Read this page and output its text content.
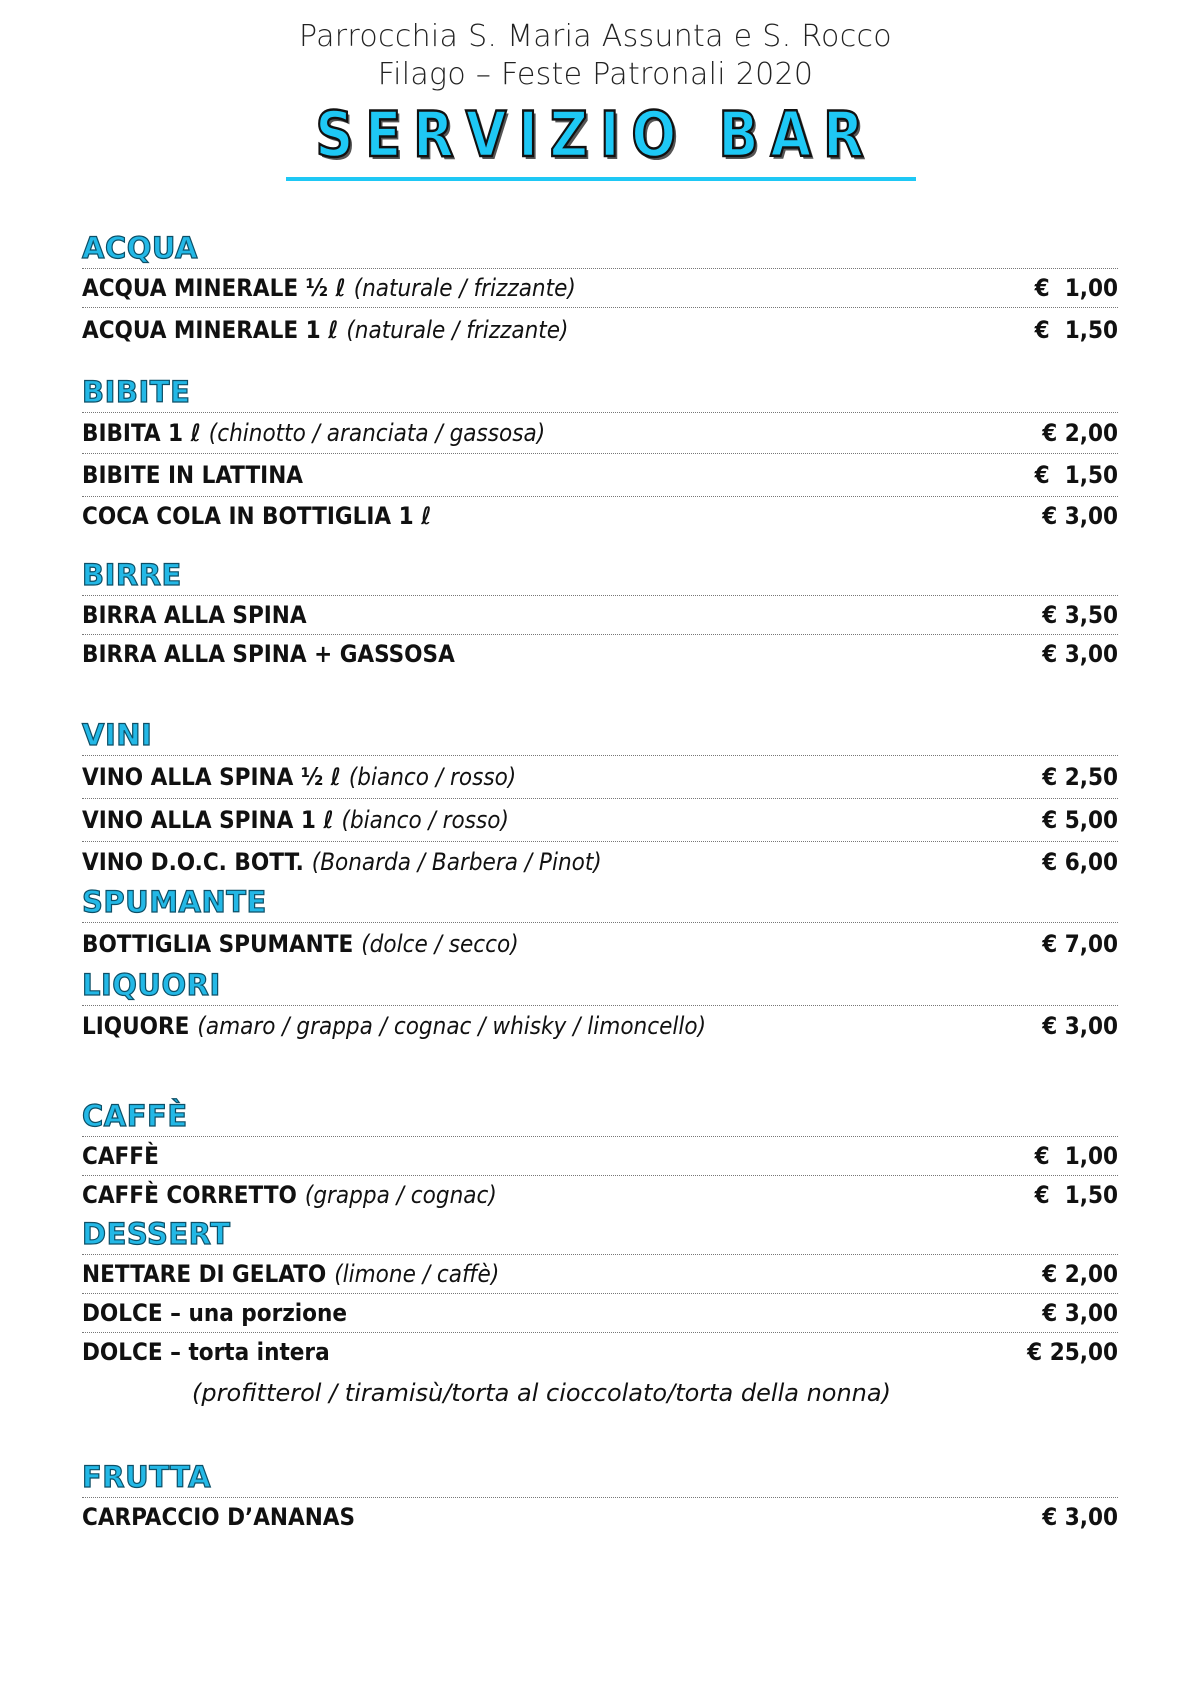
Parrocchia S. Maria Assunta e S. Rocco
Filago – Feste Patronali 2020
SERVIZIO BAR
ACQUA
ACQUA MINERALE ½ ℓ (naturale / frizzante)	€  1,00
ACQUA MINERALE 1 ℓ (naturale / frizzante)	€  1,50
BIBITE
BIBITA 1 ℓ (chinotto / aranciata / gassosa)	€ 2,00
BIBITE IN LATTINA	€  1,50
COCA COLA IN BOTTIGLIA 1 ℓ	€ 3,00
BIRRE
BIRRA ALLA SPINA	€ 3,50
BIRRA ALLA SPINA + GASSOSA	€ 3,00
VINI
VINO ALLA SPINA ½ ℓ (bianco / rosso)	€ 2,50
VINO ALLA SPINA 1 ℓ (bianco / rosso)	€ 5,00
VINO D.O.C. BOTT. (Bonarda / Barbera / Pinot)	€ 6,00
SPUMANTE
BOTTIGLIA SPUMANTE (dolce / secco)	€ 7,00
LIQUORI
LIQUORE (amaro / grappa / cognac / whisky / limoncello)	€ 3,00
CAFFÈ
CAFFÈ	€  1,00
CAFFÈ CORRETTO (grappa / cognac)	€  1,50
DESSERT
NETTARE DI GELATO (limone / caffè)	€ 2,00
DOLCE – una porzione	€ 3,00
DOLCE – torta intera	€ 25,00
(profitterol / tiramisù/torta al cioccolato/torta della nonna)
FRUTTA
CARPACCIO D’ANANAS	€ 3,00
